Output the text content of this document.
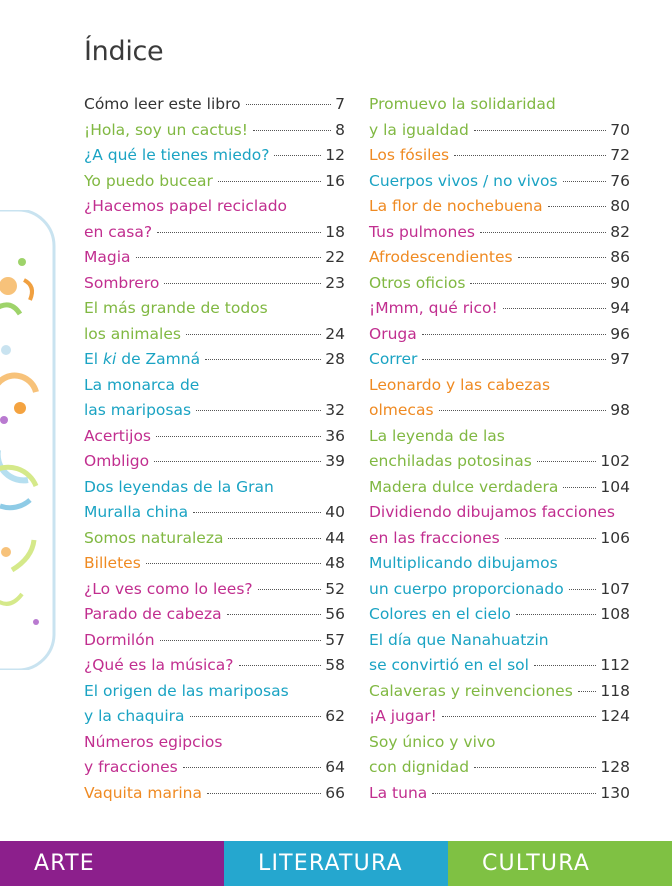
Índice
Cómo leer este libro	7
¡Hola, soy un cactus!	8
¿A qué le tienes miedo?	12
Yo puedo bucear	16
¿Hacemos papel reciclado
en casa?	18
Magia	22
Sombrero	23
El más grande de todos
los animales	24
El ki de Zamná	28
La monarca de
las mariposas	32
Acertijos	36
Ombligo	39
Dos leyendas de la Gran
Muralla china	40
Somos naturaleza	44
Billetes	48
¿Lo ves como lo lees?	52
Parado de cabeza	56
Dormilón	57
¿Qué es la música?	58
El origen de las mariposas
y la chaquira	62
Números egipcios
y fracciones	64
Vaquita marina	66
Promuevo la solidaridad
y la igualdad	70
Los fósiles	72
Cuerpos vivos / no vivos	76
La flor de nochebuena	80
Tus pulmones	82
Afrodescendientes	86
Otros oficios	90
¡Mmm, qué rico!	94
Oruga	96
Correr	97
Leonardo y las cabezas
olmecas	98
La leyenda de las
enchiladas potosinas	102
Madera dulce verdadera	104
Dividiendo dibujamos facciones
en las fracciones	106
Multiplicando dibujamos
un cuerpo proporcionado 107
Colores en el cielo	108
El día que Nanahuatzin
se convirtió en el sol	112
Calaveras y reinvenciones 118
¡A jugar!	124
Soy único y vivo
con dignidad	128
La tuna	130
ARTE	LITERATURA	CULTURA
